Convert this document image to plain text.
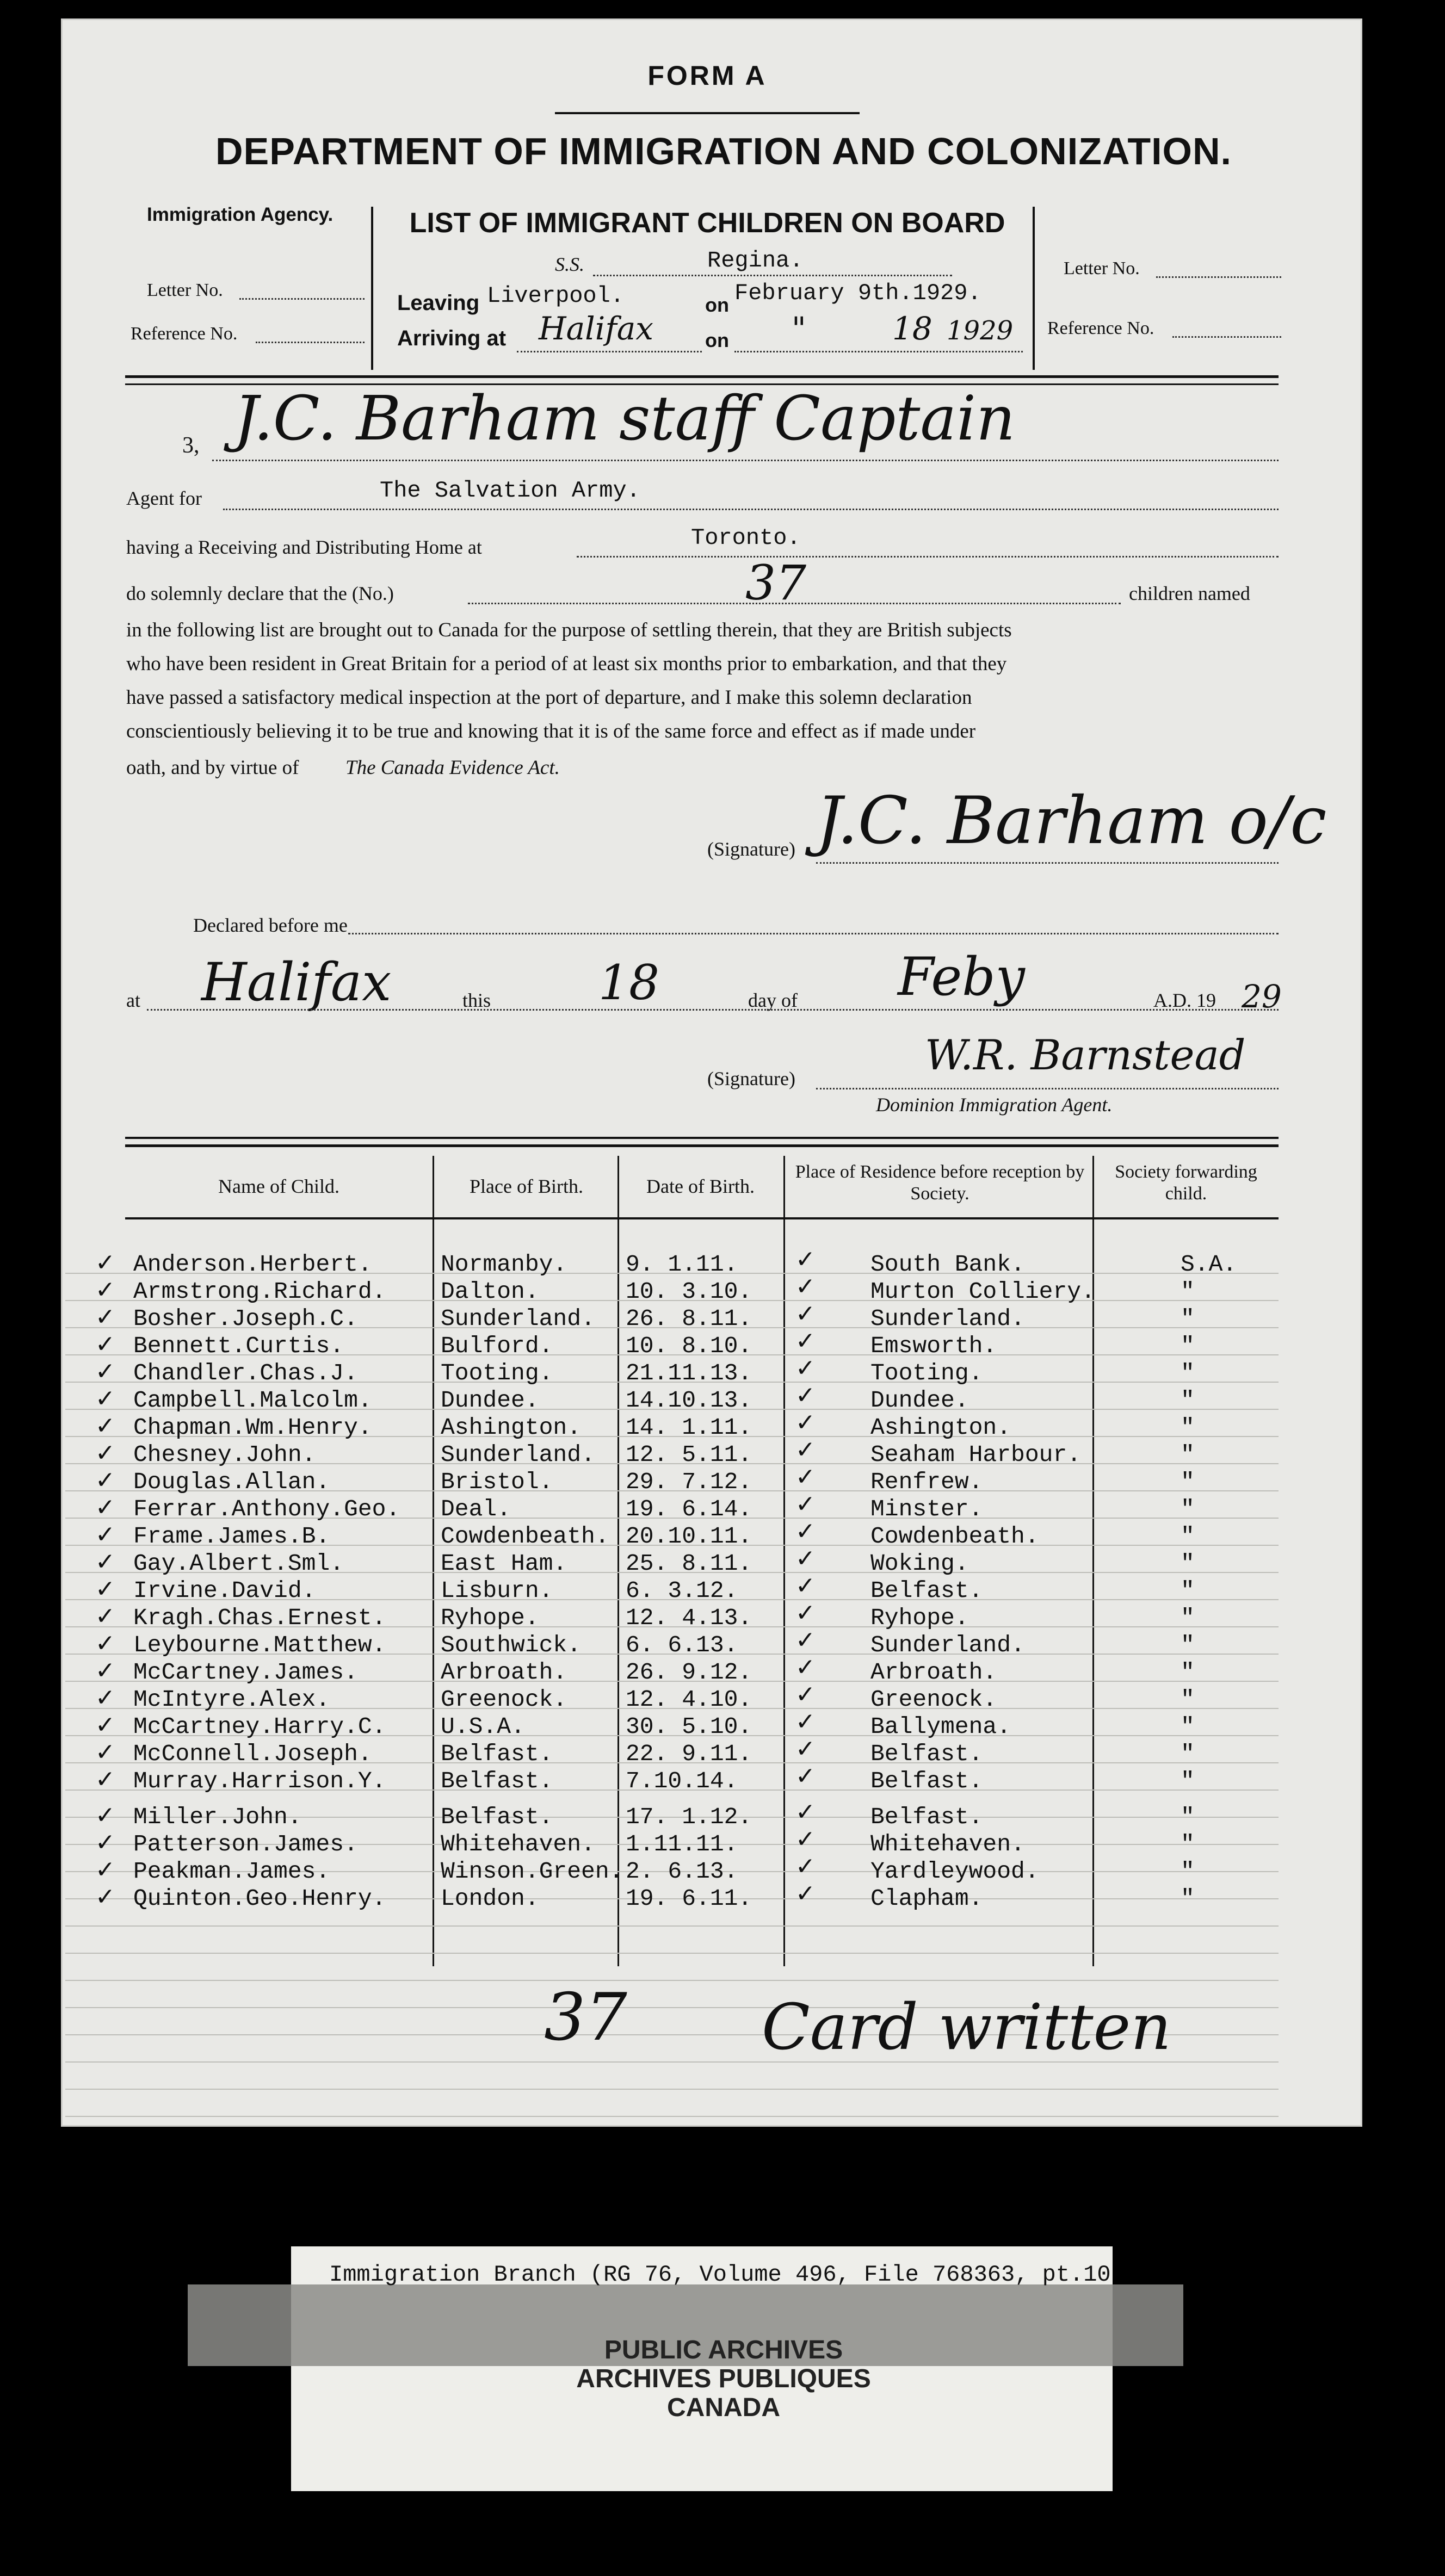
FORM A
DEPARTMENT OF IMMIGRATION AND COLONIZATION.
Immigration Agency.
Letter No.
Reference No.
LIST OF IMMIGRANT CHILDREN ON BOARD
S.S.	Regina.
Leaving Liverpool.	on February 9th.1929.
Arriving at Halifax	on "	18 1929
Letter No.
Reference No.
3, J.C. Barham staff Captain
Agent for	The Salvation Army.
having a Receiving and Distributing Home at	Toronto.
do solemnly declare that the (No.)	37	children named
in the following list are brought out to Canada for the purpose of settling therein, that they are British subjects
who have been resident in Great Britain for a period of at least six months prior to embarkation, and that they
have passed a satisfactory medical inspection at the port of departure, and I make this solemn declaration
conscientiously believing it to be true and knowing that it is of the same force and effect as if made under
oath, and by virtue of The Canada Evidence Act.
(Signature) J.C. Barham o/c
Declared before me
at Halifax	this 18	day of Feby	A.D. 19 29
(Signature)	W.R. Barnstead
Dominion Immigration Agent.
Name of Child.	Place of Birth.	Date of Birth.
Place of Residence before reception by Society.
Society forwarding child.
✓	✓
Anderson.Herbert.	Normanby.	9. 1.11.	South Bank.	S.A.
✓	✓
Armstrong.Richard. Dalton.	10. 3.10.	Murton Colliery.	"
✓	✓
Bosher.Joseph.C.	Sunderland. 26. 8.11.	Sunderland.	"
✓	✓
Bennett.Curtis.	Bulford.	10. 8.10.	Emsworth.	"
✓	✓
Chandler.Chas.J.	Tooting.	21.11.13.	Tooting.	"
✓	✓
Campbell.Malcolm.	Dundee.	14.10.13.	Dundee.	"
✓	✓
Chapman.Wm.Henry.	Ashington. 14. 1.11.	Ashington.	"
✓	✓
Chesney.John.	Sunderland. 12. 5.11.	Seaham Harbour.	"
✓	✓
Douglas.Allan.	Bristol.	29. 7.12.	Renfrew.	"
✓	✓
Ferrar.Anthony.Geo. Deal.	19. 6.14.	Minster.	"
✓	✓
Frame.James.B.	Cowdenbeath. 20.10.11.	Cowdenbeath.	"
✓	✓
Gay.Albert.Sml.	East Ham.	25. 8.11.	Woking.	"
✓	✓
Irvine.David.	Lisburn.	6. 3.12.	Belfast.	"
✓	✓
Kragh.Chas.Ernest. Ryhope.	12. 4.13.	Ryhope.	"
✓	✓
Leybourne.Matthew. Southwick. 6. 6.13.	Sunderland.	"
✓	✓
McCartney.James.	Arbroath.	26. 9.12.	Arbroath.	"
✓	✓
McIntyre.Alex.	Greenock.	12. 4.10.	Greenock.	"
✓	✓
McCartney.Harry.C. U.S.A.	30. 5.10.	Ballymena.	"
✓	✓
McConnell.Joseph.	Belfast.	22. 9.11.	Belfast.	"
✓	✓
Murray.Harrison.Y. Belfast.	7.10.14.	Belfast.	"
✓	✓
Miller.John.	Belfast.	17. 1.12.	Belfast.	"
✓	✓
Patterson.James.	Whitehaven. 1.11.11.	Whitehaven.	"
✓	✓
Peakman.James.	Winson.Green. 2. 6.13.	Yardleywood.	"
✓	✓
Quinton.Geo.Henry. London.	19. 6.11.	Clapham.	"
37 Card written
Immigration Branch (RG 76, Volume 496, File 768363, pt.10
PUBLIC ARCHIVES
ARCHIVES PUBLIQUES
CANADA
